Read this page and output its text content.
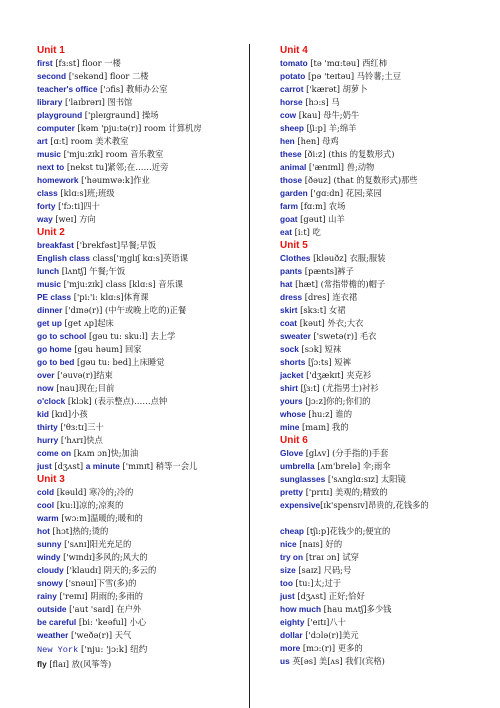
Unit 1
first [fɜ:st] floor 一楼
second ['sekənd] floor 二楼
teacher's office ['ɔfis] 教师办公室
library ['laɪbrərɪ] 图书馆
playground ['pleɪgraund] 操场
computer [kəm 'pju:tə(r)] room 计算机房
art [ɑ:t] room 美术教室
music ['mju:zɪk] room 音乐教室
next to [nekst tu]紧邻;在……近旁
homework ['həumwə:k]作业
class [klɑ:s]班;班级
forty ['fɔ:ti]四十
way [weɪ] 方向
Unit 2
breakfast ['brekfəst]早餐;早饭
English class class['ɪŋglɪʃ kɑ:s]英语课
lunch [lʌntʃ] 午餐;午饭
music ['mju:zɪk] class [klɑ:s] 音乐课
PE class ['pi:'i: klɑ:s]体育课
dinner ['dɪnə(r)] (中午或晚上吃的)正餐
get up [get ʌp]起床
go to school [gəu tu: sku:l] 去上学
go home [gəu həum] 回家
go to bed [gəu tu: bed]上床睡觉
over ['əuvə(r)]结束
now [nau]现在;目前
o'clock [klɔk] (表示整点)……点钟
kid [kɪd]小孩
thirty ['θɜ:tɪ]三十
hurry ['hʌrɪ]快点
come on [kʌm ɔn]快;加油
just [dʒʌst] a minute ['mɪnɪt] 稍等一会儿
Unit 3
cold [kəuld] 寒冷的;冷的
cool [ku:l]凉的;凉爽的
warm [wɔ:m]温暖的;暖和的
hot [hɔt]热的;烫的
sunny ['sʌnɪ]阳光充足的
windy ['wɪndɪ]多风的;风大的
cloudy ['klaudɪ] 阴天的;多云的
snowy ['snəuɪ]下雪(多)的
rainy ['reɪnɪ] 阴雨的;多雨的
outside ['aut 'saɪd] 在户外
be careful [bi: 'keəful] 小心
weather ['weðə(r)] 天气
New York ['nju: 'jɔ:k] 纽约
fly [flaɪ] 放(风筝等)
Unit 4
tomato [tə 'mɑ:təu] 西红柿
potato [pə 'teɪtəu] 马铃薯;土豆
carrot ['kærət] 胡萝卜
horse [hɔ:s] 马
cow [kau] 母牛;奶牛
sheep [ʃi:p] 羊;绵羊
hen [hen] 母鸡
these [ði:z] (this 的复数形式)
animal ['ænɪml] 兽;动物
those [ðəuz] (that 的复数形式)那些
garden ['gɑ:dn] 花园;菜园
farm [fɑ:m] 农场
goat [gəut] 山羊
eat [i:t] 吃
Unit 5
Clothes [kləuðz] 衣服;服装
pants [pænts]裤子
hat [hæt] (常指带檐的)帽子
dress [dres] 连衣裙
skirt [skɜ:t] 女裙
coat [kəut] 外衣;大衣
sweater ['swetə(r)] 毛衣
sock [sɔk] 短袜
shorts [ʃɔ:ts] 短裤
jacket ['dʒækɪt] 夹克衫
shirt [ʃɜ:t] (尤指男士)衬衫
yours [jɔ:z]你的;你们的
whose [hu:z] 谁的
mine [maɪn] 我的
Unit 6
Glove [glʌv] (分手指的)手套
umbrella [ʌm'brelə] 伞;雨伞
sunglasses ['sʌnglɑ:sɪz] 太阳镜
pretty ['prɪtɪ] 美观的;精致的
expensive[ɪk'spensɪv]昂贵的,花钱多的
cheap [tʃi:p]花钱少的;便宜的
nice [naɪs] 好的
try on [traɪ ɔn] 试穿
size [saɪz] 尺码;号
too [tu:]太;过于
just [dʒʌst] 正好;恰好
how much [hau mʌtʃ]多少钱
eighty ['eɪtɪ]八十
dollar ['dɔlə(r)]美元
more [mɔ:(r)] 更多的
us 英[əs] 美[ʌs] 我们(宾格)
